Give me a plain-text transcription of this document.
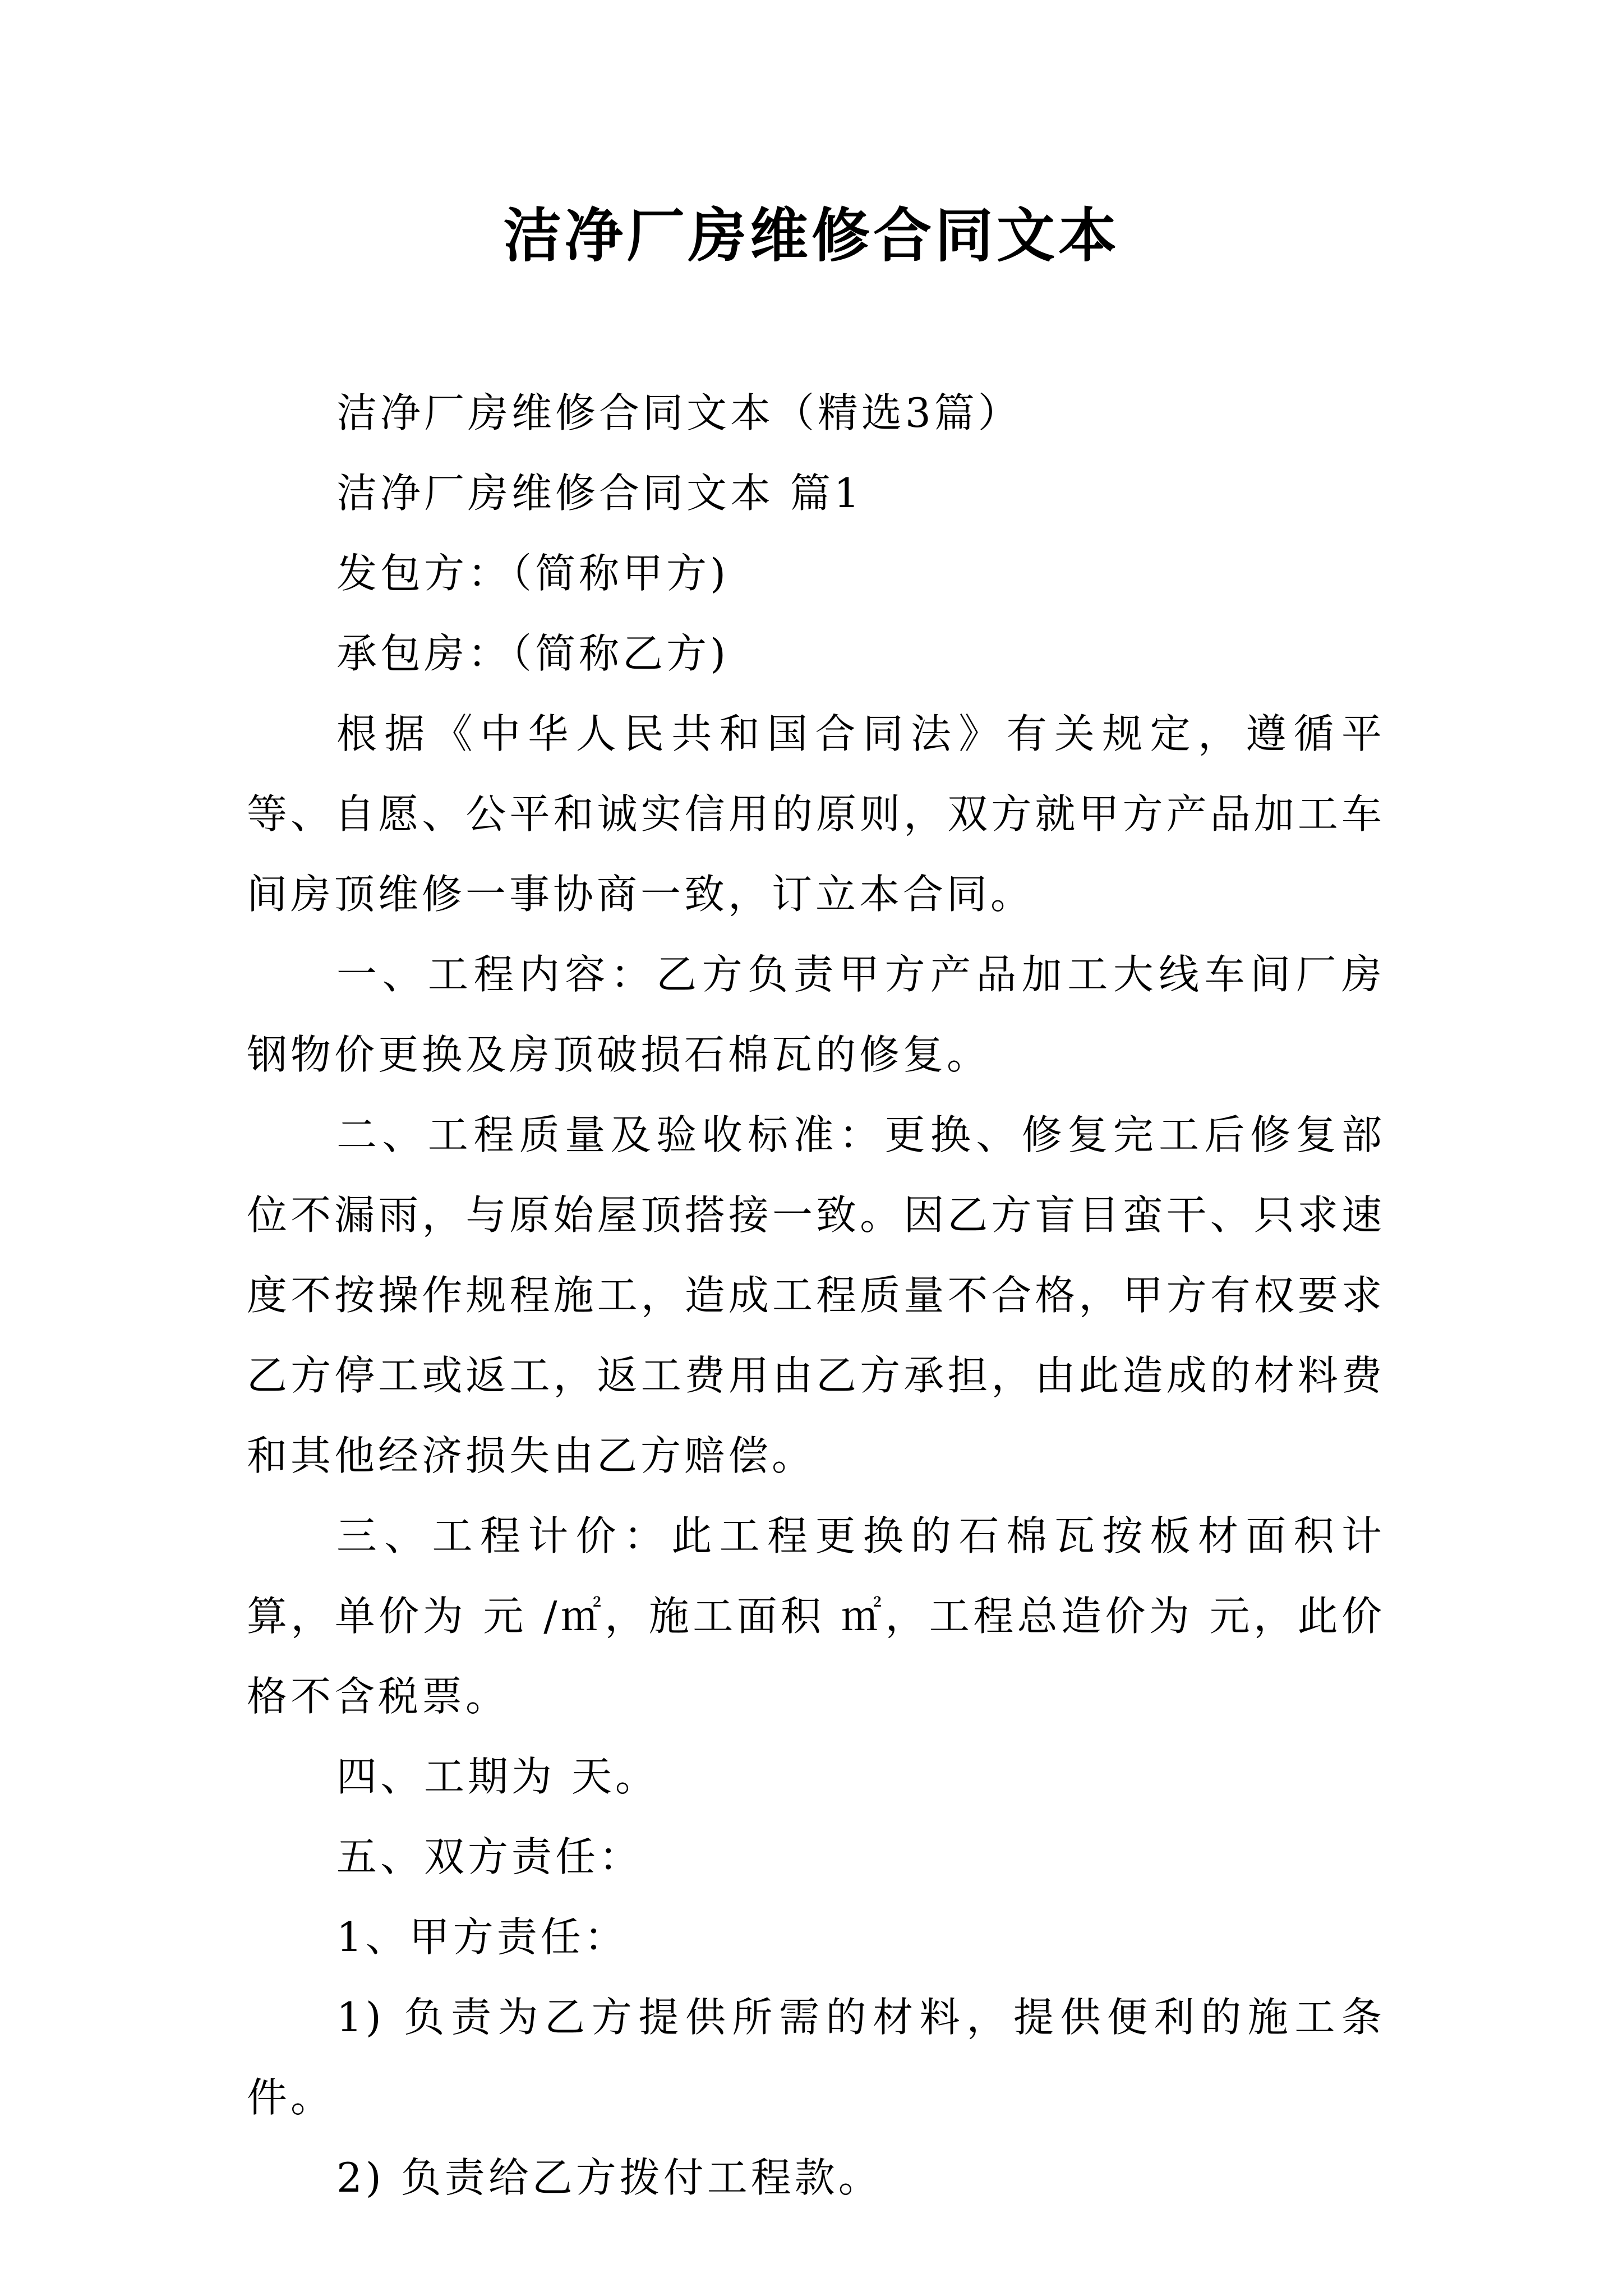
洁净厂房维修合同文本

洁净厂房维修合同文本（精选3篇）

洁净厂房维修合同文本 篇1

发包方：（简称甲方)

承包房：（简称乙方)

根据《中华人民共和国合同法》有关规定，遵循平等、自愿、公平和诚实信用的原则，双方就甲方产品加工车间房顶维修一事协商一致，订立本合同。

一、工程内容：乙方负责甲方产品加工大线车间厂房钢物价更换及房顶破损石棉瓦的修复。

二、工程质量及验收标准：更换、修复完工后修复部位不漏雨，与原始屋顶搭接一致。因乙方盲目蛮干、只求速度不按操作规程施工，造成工程质量不合格，甲方有权要求乙方停工或返工，返工费用由乙方承担，由此造成的材料费和其他经济损失由乙方赔偿。

三、工程计价：此工程更换的石棉瓦按板材面积计算，单价为 元 /㎡，施工面积 ㎡，工程总造价为 元，此价格不含税票。

四、工期为 天。

五、双方责任：

1、甲方责任：

1) 负责为乙方提供所需的材料，提供便利的施工条件。

2) 负责给乙方拨付工程款。
